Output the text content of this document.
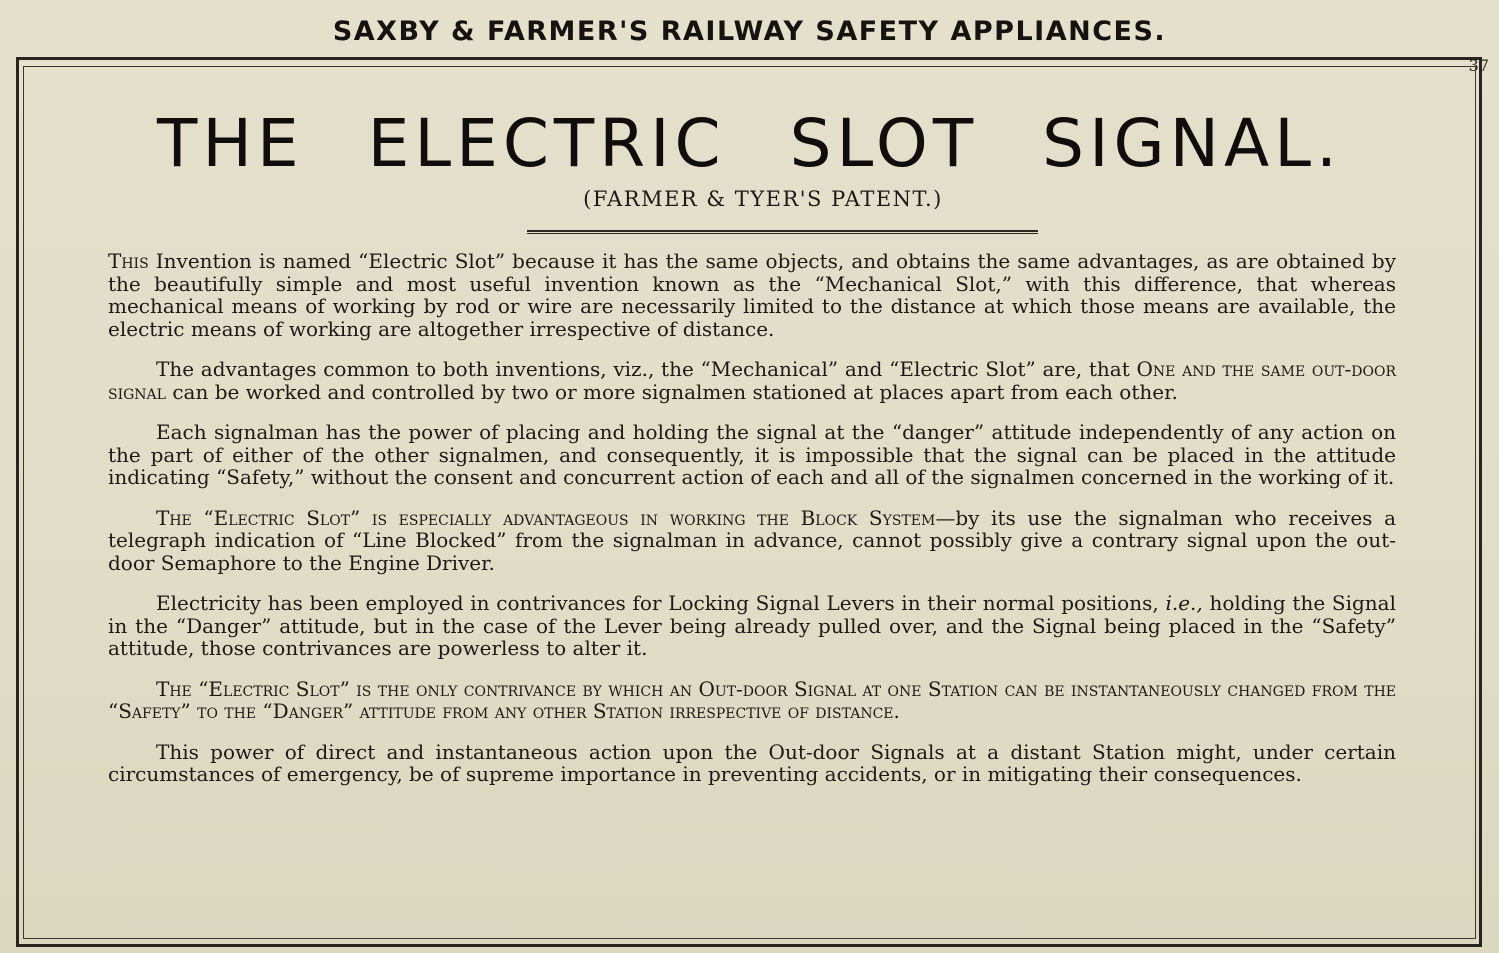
SAXBY & FARMER'S RAILWAY SAFETY APPLIANCES.
37
THE ELECTRIC SLOT SIGNAL.
(FARMER & TYER'S PATENT.)

This Invention is named “Electric Slot” because it has the same objects, and obtains the same advantages, as are obtained by the beautifully simple and most useful invention known as the “Mechanical Slot,” with this difference, that whereas mechanical means of working by rod or wire are necessarily limited to the distance at which those means are available, the electric means of working are altogether irrespective of distance.

The advantages common to both inventions, viz., the “Mechanical” and “Electric Slot” are, that One and the same out-door signal can be worked and controlled by two or more signalmen stationed at places apart from each other.

Each signalman has the power of placing and holding the signal at the “danger” attitude independently of any action on the part of either of the other signalmen, and consequently, it is impossible that the signal can be placed in the attitude indicating “Safety,” without the consent and concurrent action of each and all of the signalmen concerned in the working of it.

The “Electric Slot” is especially advantageous in working the Block System—by its use the signalman who receives a telegraph indication of “Line Blocked” from the signalman in advance, cannot possibly give a contrary signal upon the out-door Semaphore to the Engine Driver.

Electricity has been employed in contrivances for Locking Signal Levers in their normal positions, i.e., holding the Signal in the “Danger” attitude, but in the case of the Lever being already pulled over, and the Signal being placed in the “Safety” attitude, those contrivances are powerless to alter it.

The “Electric Slot” is the only contrivance by which an Out-door Signal at one Station can be instantaneously changed from the “Safety” to the “Danger” attitude from any other Station irrespective of distance.

This power of direct and instantaneous action upon the Out-door Signals at a distant Station might, under certain circumstances of emergency, be of supreme importance in preventing accidents, or in mitigating their consequences.
